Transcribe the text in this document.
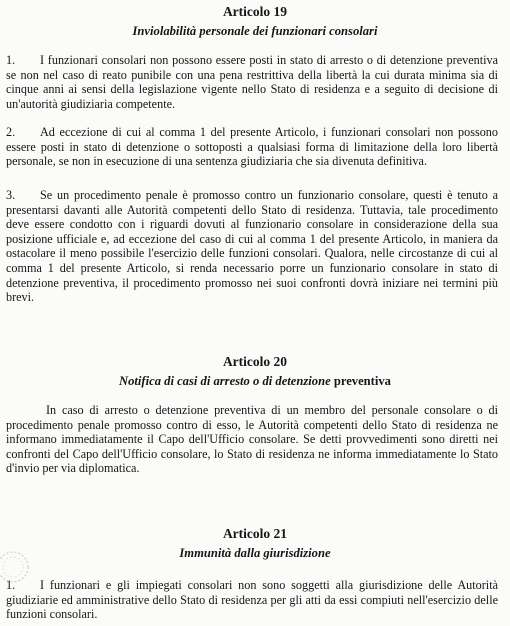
Articolo 19
Inviolabilità personale dei funzionari consolari
1. I funzionari consolari non possono essere posti in stato di arresto o di detenzione preventiva se non nel caso di reato punibile con una pena restrittiva della libertà la cui durata minima sia di cinque anni ai sensi della legislazione vigente nello Stato di residenza e a seguito di decisione di un'autorità giudiziaria competente.
2. Ad eccezione di cui al comma 1 del presente Articolo, i funzionari consolari non possono essere posti in stato di detenzione o sottoposti a qualsiasi forma di limitazione della loro libertà personale, se non in esecuzione di una sentenza giudiziaria che sia divenuta definitiva.
3. Se un procedimento penale è promosso contro un funzionario consolare, questi è tenuto a presentarsi davanti alle Autorità competenti dello Stato di residenza. Tuttavia, tale procedimento deve essere condotto con i riguardi dovuti al funzionario consolare in considerazione della sua posizione ufficiale e, ad eccezione del caso di cui al comma 1 del presente Articolo, in maniera da ostacolare il meno possibile l'esercizio delle funzioni consolari. Qualora, nelle circostanze di cui al comma 1 del presente Articolo, si renda necessario porre un funzionario consolare in stato di detenzione preventiva, il procedimento promosso nei suoi confronti dovrà iniziare nei termini più brevi.
Articolo 20
Notifica di casi di arresto o di detenzione preventiva
In caso di arresto o detenzione preventiva di un membro del personale consolare o di procedimento penale promosso contro di esso, le Autorità competenti dello Stato di residenza ne informano immediatamente il Capo dell'Ufficio consolare. Se detti provvedimenti sono diretti nei confronti del Capo dell'Ufficio consolare, lo Stato di residenza ne informa immediatamente lo Stato d'invio per via diplomatica.
Articolo 21
Immunità dalla giurisdizione
1. I funzionari e gli impiegati consolari non sono soggetti alla giurisdizione delle Autorità giudiziarie ed amministrative dello Stato di residenza per gli atti da essi compiuti nell'esercizio delle funzioni consolari.
